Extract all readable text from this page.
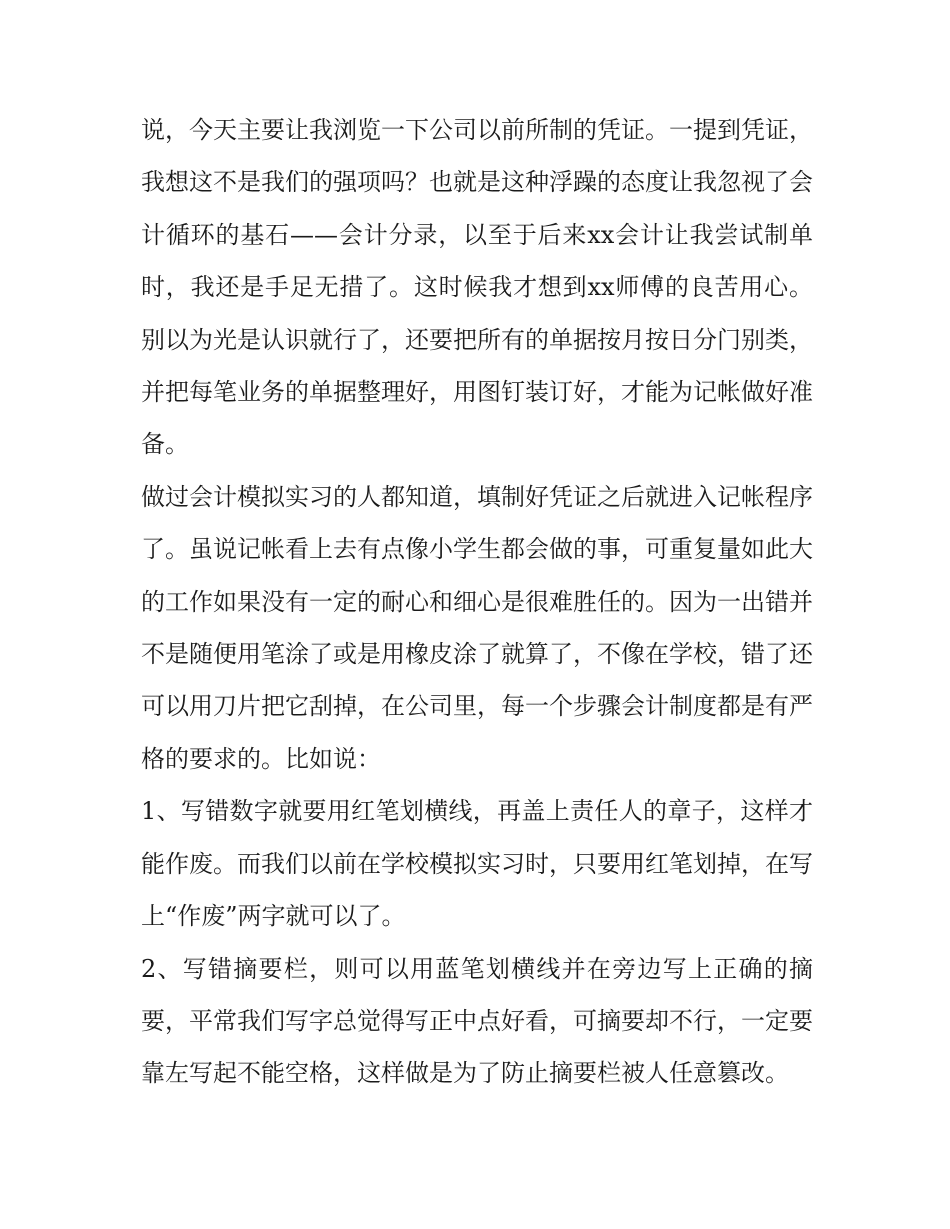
说，今天主要让我浏览一下公司以前所制的凭证。一提到凭证，我想这不是我们的强项吗？也就是这种浮躁的态度让我忽视了会计循环的基石——会计分录，以至于后来xx会计让我尝试制单时，我还是手足无措了。这时候我才想到xx师傅的良苦用心。别以为光是认识就行了，还要把所有的单据按月按日分门别类，并把每笔业务的单据整理好，用图钉装订好，才能为记帐做好准备。

做过会计模拟实习的人都知道，填制好凭证之后就进入记帐程序了。虽说记帐看上去有点像小学生都会做的事，可重复量如此大的工作如果没有一定的耐心和细心是很难胜任的。因为一出错并不是随便用笔涂了或是用橡皮涂了就算了，不像在学校，错了还可以用刀片把它刮掉，在公司里，每一个步骤会计制度都是有严格的要求的。比如说：

1、写错数字就要用红笔划横线，再盖上责任人的章子，这样才能作废。而我们以前在学校模拟实习时，只要用红笔划掉，在写上“作废”两字就可以了。

2、写错摘要栏，则可以用蓝笔划横线并在旁边写上正确的摘要，平常我们写字总觉得写正中点好看，可摘要却不行，一定要靠左写起不能空格，这样做是为了防止摘要栏被人任意篡改。
